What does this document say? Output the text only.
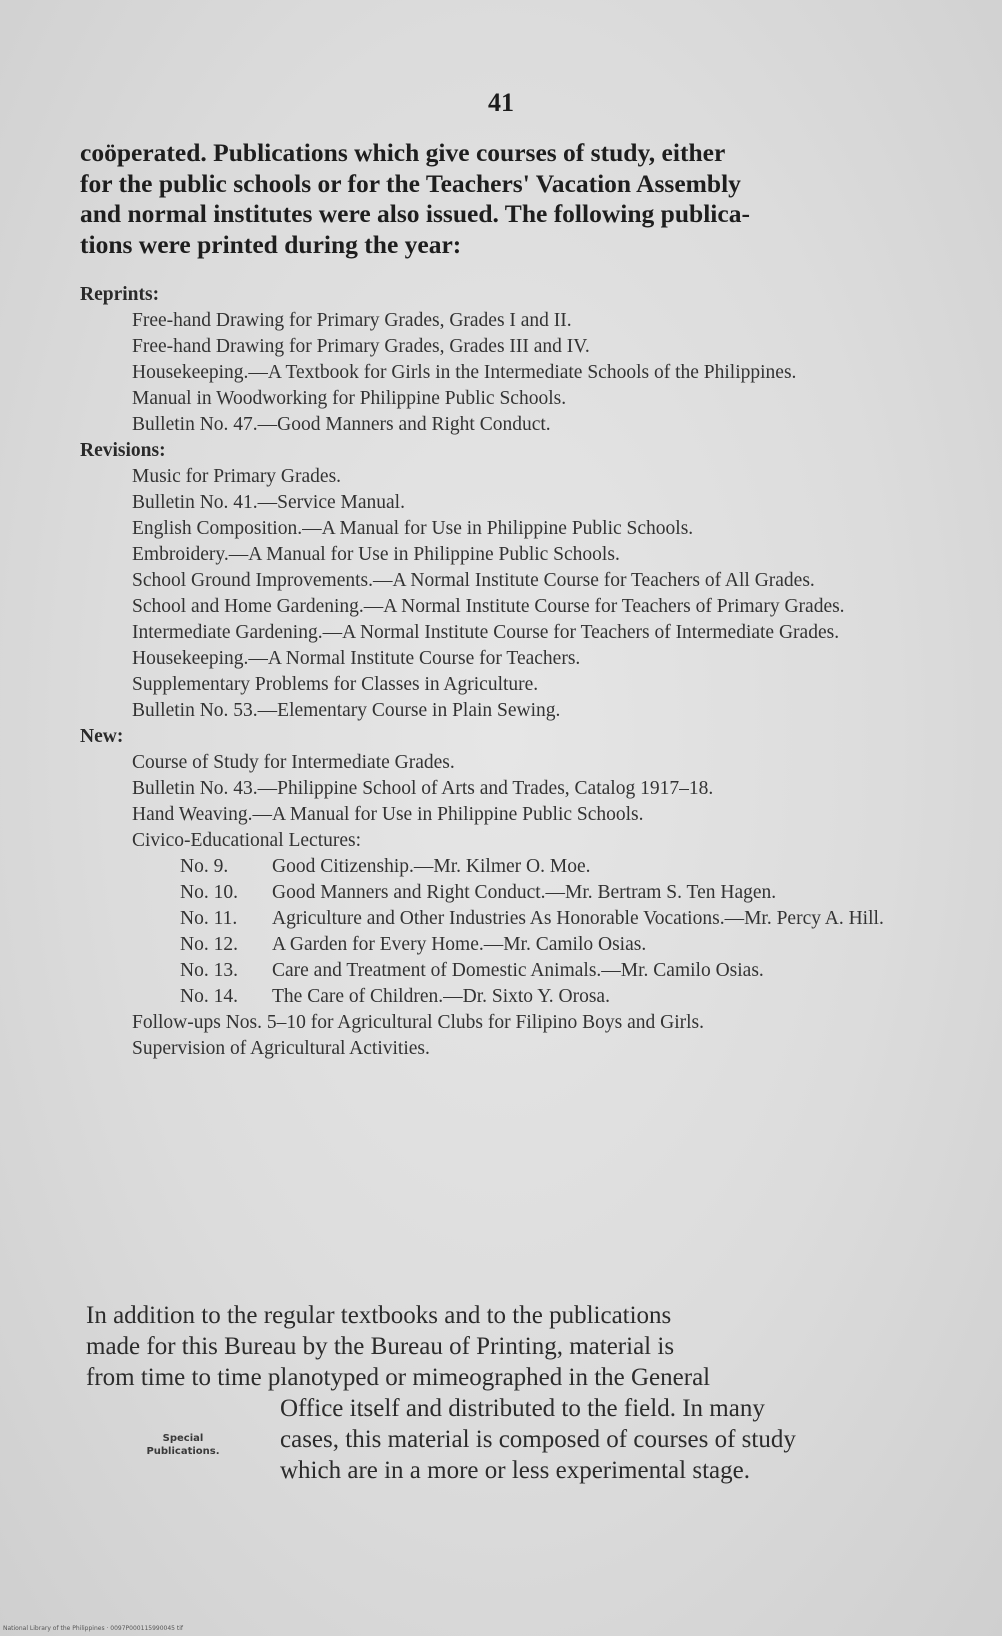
41

coöperated. Publications which give courses of study, either
for the public schools or for the Teachers' Vacation Assembly
and normal institutes were also issued. The following publica-
tions were printed during the year:

Reprints:
Free-hand Drawing for Primary Grades, Grades I and II.
Free-hand Drawing for Primary Grades, Grades III and IV.
Housekeeping.—A Textbook for Girls in the Intermediate Schools of the Philippines.
Manual in Woodworking for Philippine Public Schools.
Bulletin No. 47.—Good Manners and Right Conduct.
Revisions:
Music for Primary Grades.
Bulletin No. 41.—Service Manual.
English Composition.—A Manual for Use in Philippine Public Schools.
Embroidery.—A Manual for Use in Philippine Public Schools.
School Ground Improvements.—A Normal Institute Course for Teachers of All Grades.
School and Home Gardening.—A Normal Institute Course for Teachers of Primary Grades.
Intermediate Gardening.—A Normal Institute Course for Teachers of Intermediate Grades.
Housekeeping.—A Normal Institute Course for Teachers.
Supplementary Problems for Classes in Agriculture.
Bulletin No. 53.—Elementary Course in Plain Sewing.
New:
Course of Study for Intermediate Grades.
Bulletin No. 43.—Philippine School of Arts and Trades, Catalog 1917–18.
Hand Weaving.—A Manual for Use in Philippine Public Schools.
Civico-Educational Lectures:
No. 9. Good Citizenship.—Mr. Kilmer O. Moe.
No. 10. Good Manners and Right Conduct.—Mr. Bertram S. Ten Hagen.
No. 11. Agriculture and Other Industries As Honorable Vocations.—Mr. Percy A. Hill.
No. 12. A Garden for Every Home.—Mr. Camilo Osias.
No. 13. Care and Treatment of Domestic Animals.—Mr. Camilo Osias.
No. 14. The Care of Children.—Dr. Sixto Y. Orosa.
Follow-ups Nos. 5–10 for Agricultural Clubs for Filipino Boys and Girls.
Supervision of Agricultural Activities.
In addition to the regular textbooks and to the publications
made for this Bureau by the Bureau of Printing, material is
from time to time planotyped or mimeographed in the General
Office itself and distributed to the field. In many
cases, this material is composed of courses of study
which are in a more or less experimental stage.
Special
Publications.
National Library of the Philippines · 0097P000115990045 tif
